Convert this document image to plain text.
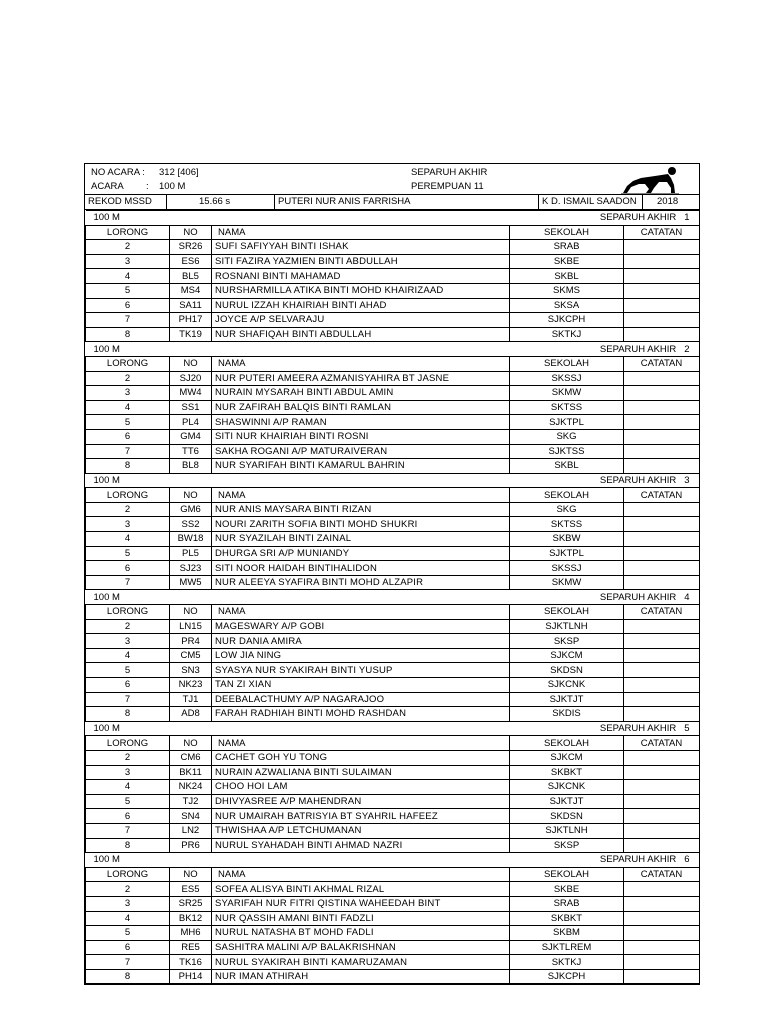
NO ACARA : 312 [406]
ACARA : 100 M
SEPARUH AKHIR
PEREMPUAN 11
REKOD MSSD	15.66 s	PUTERI NUR ANIS FARRISHA	K D. ISMAIL SAADON	2018
100 M			SEPARUH AKHIR 1	
LORONG	NO	NAMA	SEKOLAH	CATATAN
2	SR26	SUFI SAFIYYAH BINTI ISHAK	SRAB	
3	ES6	SITI FAZIRA YAZMIEN BINTI ABDULLAH	SKBE	
4	BL5	ROSNANI BINTI MAHAMAD	SKBL	
5	MS4	NURSHARMILLA ATIKA BINTI MOHD KHAIRIZAAD	SKMS	
6	SA11	NURUL IZZAH KHAIRIAH BINTI AHAD	SKSA	
7	PH17	JOYCE A/P SELVARAJU	SJKCPH	
8	TK19	NUR SHAFIQAH BINTI ABDULLAH	SKTKJ	
100 M			SEPARUH AKHIR 2	
LORONG	NO	NAMA	SEKOLAH	CATATAN
2	SJ20	NUR PUTERI AMEERA AZMANISYAHIRA BT JASNE	SKSSJ	
3	MW4	NURAIN MYSARAH BINTI ABDUL AMIN	SKMW	
4	SS1	NUR ZAFIRAH BALQIS BINTI RAMLAN	SKTSS	
5	PL4	SHASWINNI A/P RAMAN	SJKTPL	
6	GM4	SITI NUR KHAIRIAH BINTI ROSNI	SKG	
7	TT6	SAKHA ROGANI A/P MATURAIVERAN	SJKTSS	
8	BL8	NUR SYARIFAH BINTI KAMARUL BAHRIN	SKBL	
100 M			SEPARUH AKHIR 3	
LORONG	NO	NAMA	SEKOLAH	CATATAN
2	GM6	NUR ANIS MAYSARA BINTI RIZAN	SKG	
3	SS2	NOURI ZARITH SOFIA BINTI MOHD SHUKRI	SKTSS	
4	BW18	NUR SYAZILAH BINTI ZAINAL	SKBW	
5	PL5	DHURGA SRI A/P MUNIANDY	SJKTPL	
6	SJ23	SITI NOOR HAIDAH BINTIHALIDON	SKSSJ	
7	MW5	NUR ALEEYA SYAFIRA BINTI MOHD ALZAPIR	SKMW	
100 M			SEPARUH AKHIR 4	
LORONG	NO	NAMA	SEKOLAH	CATATAN
2	LN15	MAGESWARY A/P GOBI	SJKTLNH	
3	PR4	NUR DANIA AMIRA	SKSP	
4	CM5	LOW JIA NING	SJKCM	
5	SN3	SYASYA NUR SYAKIRAH BINTI YUSUP	SKDSN	
6	NK23	TAN ZI XIAN	SJKCNK	
7	TJ1	DEEBALACTHUMY A/P NAGARAJOO	SJKTJT	
8	AD8	FARAH RADHIAH BINTI MOHD RASHDAN	SKDIS	
100 M			SEPARUH AKHIR 5	
LORONG	NO	NAMA	SEKOLAH	CATATAN
2	CM6	CACHET GOH YU TONG	SJKCM	
3	BK11	NURAIN AZWALIANA BINTI SULAIMAN	SKBKT	
4	NK24	CHOO HOI LAM	SJKCNK	
5	TJ2	DHIVYASREE A/P MAHENDRAN	SJKTJT	
6	SN4	NUR UMAIRAH BATRISYIA BT SYAHRIL HAFEEZ	SKDSN	
7	LN2	THWISHAA A/P LETCHUMANAN	SJKTLNH	
8	PR6	NURUL SYAHADAH BINTI AHMAD NAZRI	SKSP	
100 M			SEPARUH AKHIR 6	
LORONG	NO	NAMA	SEKOLAH	CATATAN
2	ES5	SOFEA ALISYA BINTI AKHMAL RIZAL	SKBE	
3	SR25	SYARIFAH NUR FITRI QISTINA WAHEEDAH BINT	SRAB	
4	BK12	NUR QASSIH AMANI BINTI FADZLI	SKBKT	
5	MH6	NURUL NATASHA BT MOHD FADLI	SKBM	
6	RE5	SASHITRA MALINI A/P BALAKRISHNAN	SJKTLREM	
7	TK16	NURUL SYAKIRAH BINTI KAMARUZAMAN	SKTKJ	
8	PH14	NUR IMAN ATHIRAH	SJKCPH	
